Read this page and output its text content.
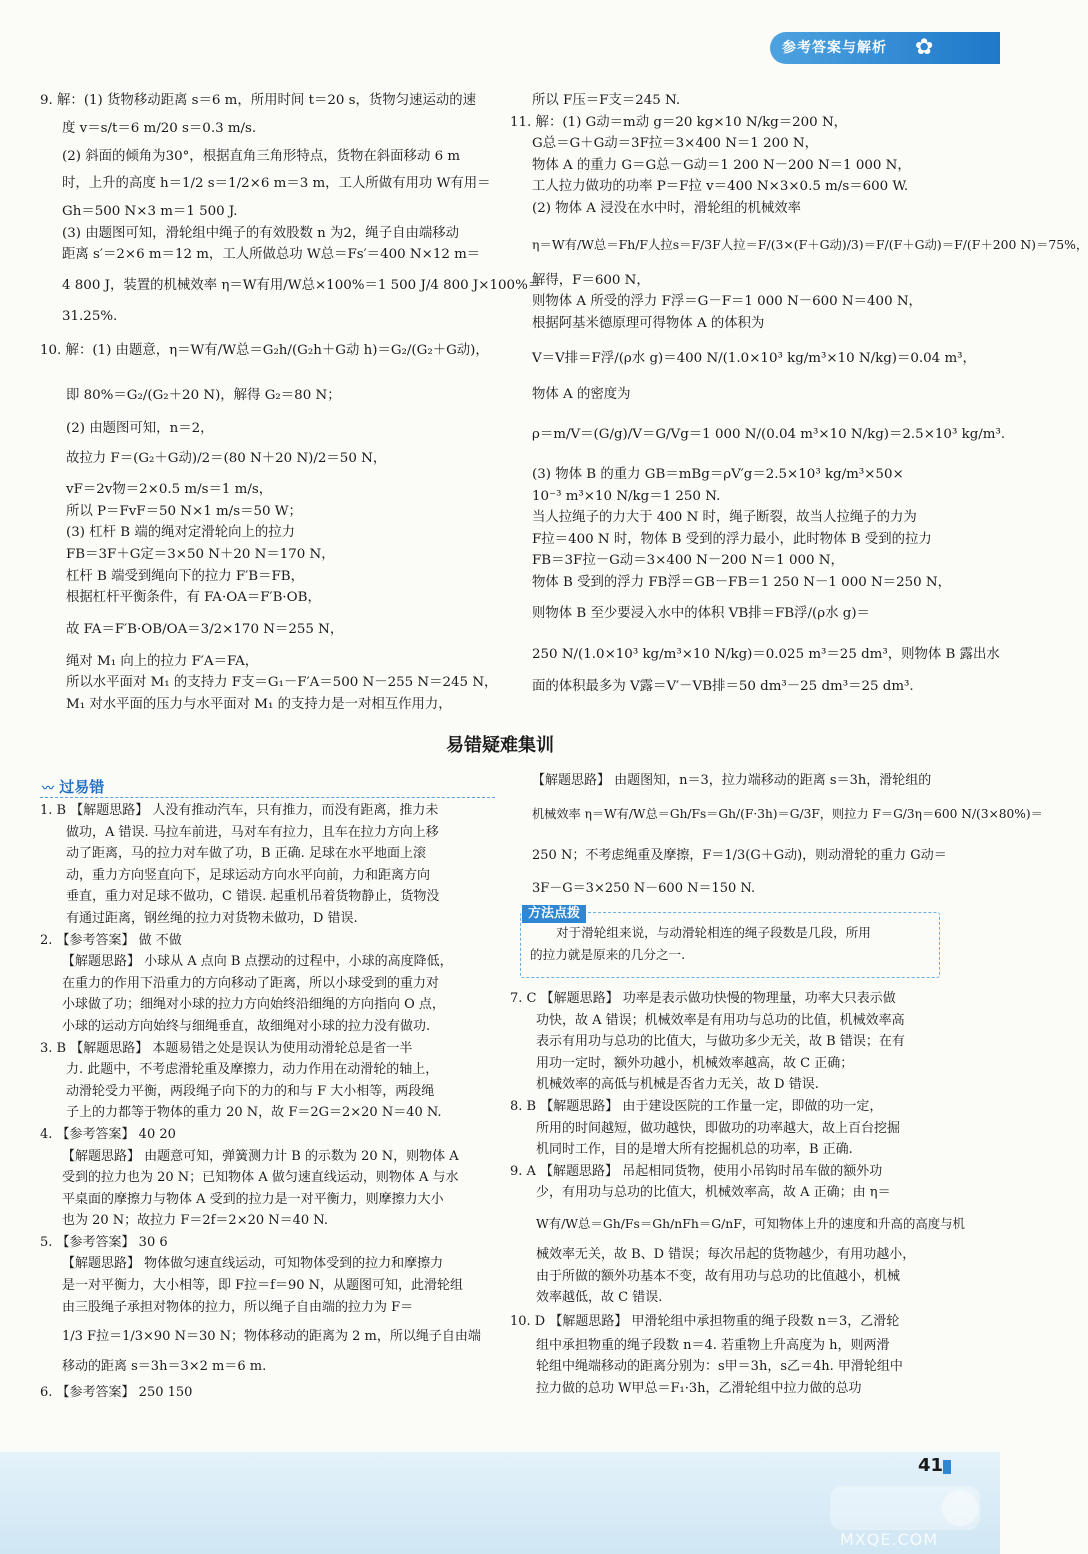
参考答案与解析 ✿
9. 解：(1) 货物移动距离 s＝6 m，所用时间 t＝20 s，货物匀速运动的速
度 v＝s/t＝6 m/20 s＝0.3 m/s.
(2) 斜面的倾角为30°，根据直角三角形特点，货物在斜面移动 6 m
时，上升的高度 h＝1/2 s＝1/2×6 m＝3 m，工人所做有用功 W有用＝
Gh＝500 N×3 m＝1 500 J.
(3) 由题图可知，滑轮组中绳子的有效股数 n 为2，绳子自由端移动
距离 s′＝2×6 m＝12 m，工人所做总功 W总＝Fs′＝400 N×12 m＝
4 800 J，装置的机械效率 η＝W有用/W总×100%＝1 500 J/4 800 J×100%＝
31.25%.
10. 解：(1) 由题意，η＝W有/W总＝G₂h/(G₂h＋G动 h)＝G₂/(G₂＋G动)，
即 80%＝G₂/(G₂＋20 N)，解得 G₂＝80 N；
(2) 由题图可知，n＝2，
故拉力 F＝(G₂＋G动)/2＝(80 N＋20 N)/2＝50 N，
vF＝2v物＝2×0.5 m/s＝1 m/s，
所以 P＝FvF＝50 N×1 m/s＝50 W；
(3) 杠杆 B 端的绳对定滑轮向上的拉力
FB＝3F＋G定＝3×50 N＋20 N＝170 N，
杠杆 B 端受到绳向下的拉力 F′B＝FB，
根据杠杆平衡条件，有 FA·OA＝F′B·OB，
故 FA＝F′B·OB/OA＝3/2×170 N＝255 N，
绳对 M₁ 向上的拉力 F′A＝FA，
所以水平面对 M₁ 的支持力 F支＝G₁－F′A＝500 N－255 N＝245 N，
M₁ 对水平面的压力与水平面对 M₁ 的支持力是一对相互作用力，
所以 F压＝F支＝245 N.
11. 解：(1) G动＝m动 g＝20 kg×10 N/kg＝200 N，
G总＝G＋G动＝3F拉＝3×400 N＝1 200 N，
物体 A 的重力 G＝G总－G动＝1 200 N－200 N＝1 000 N，
工人拉力做功的功率 P＝F拉 v＝400 N×3×0.5 m/s＝600 W.
(2) 物体 A 浸没在水中时，滑轮组的机械效率
η＝W有/W总＝Fh/F人拉s＝F/3F人拉＝F/(3×(F＋G动)/3)＝F/(F＋G动)＝F/(F＋200 N)＝75%，
解得，F＝600 N，
则物体 A 所受的浮力 F浮＝G－F＝1 000 N－600 N＝400 N，
根据阿基米德原理可得物体 A 的体积为
V＝V排＝F浮/(ρ水 g)＝400 N/(1.0×10³ kg/m³×10 N/kg)＝0.04 m³，
物体 A 的密度为
ρ＝m/V＝(G/g)/V＝G/Vg＝1 000 N/(0.04 m³×10 N/kg)＝2.5×10³ kg/m³.
(3) 物体 B 的重力 GB＝mBg＝ρV′g＝2.5×10³ kg/m³×50×
10⁻³ m³×10 N/kg＝1 250 N.
当人拉绳子的力大于 400 N 时，绳子断裂，故当人拉绳子的力为
F拉＝400 N 时，物体 B 受到的浮力最小，此时物体 B 受到的拉力
FB＝3F拉－G动＝3×400 N－200 N＝1 000 N，
物体 B 受到的浮力 FB浮＝GB－FB＝1 250 N－1 000 N＝250 N，
则物体 B 至少要浸入水中的体积 VB排＝FB浮/(ρ水 g)＝
250 N/(1.0×10³ kg/m³×10 N/kg)＝0.025 m³＝25 dm³，则物体 B 露出水
面的体积最多为 V露＝V′－VB排＝50 dm³－25 dm³＝25 dm³.
易错疑难集训
〰 过易错
1. B 【解题思路】 人没有推动汽车，只有推力，而没有距离，推力未
做功，A 错误. 马拉车前进，马对车有拉力，且车在拉力方向上移
动了距离，马的拉力对车做了功，B 正确. 足球在水平地面上滚
动，重力方向竖直向下，足球运动方向水平向前，力和距离方向
垂直，重力对足球不做功，C 错误. 起重机吊着货物静止，货物没
有通过距离，钢丝绳的拉力对货物未做功，D 错误.
2. 【参考答案】 做 不做
【解题思路】 小球从 A 点向 B 点摆动的过程中，小球的高度降低，
在重力的作用下沿重力的方向移动了距离，所以小球受到的重力对
小球做了功；细绳对小球的拉力方向始终沿细绳的方向指向 O 点，
小球的运动方向始终与细绳垂直，故细绳对小球的拉力没有做功.
3. B 【解题思路】 本题易错之处是误认为使用动滑轮总是省一半
力. 此题中，不考虑滑轮重及摩擦力，动力作用在动滑轮的轴上，
动滑轮受力平衡，两段绳子向下的力的和与 F 大小相等，两段绳
子上的力都等于物体的重力 20 N，故 F＝2G＝2×20 N＝40 N.
4. 【参考答案】 40 20
【解题思路】 由题意可知，弹簧测力计 B 的示数为 20 N，则物体 A
受到的拉力也为 20 N；已知物体 A 做匀速直线运动，则物体 A 与水
平桌面的摩擦力与物体 A 受到的拉力是一对平衡力，则摩擦力大小
也为 20 N；故拉力 F＝2f＝2×20 N＝40 N.
5. 【参考答案】 30 6
【解题思路】 物体做匀速直线运动，可知物体受到的拉力和摩擦力
是一对平衡力，大小相等，即 F拉＝f＝90 N，从题图可知，此滑轮组
由三股绳子承担对物体的拉力，所以绳子自由端的拉力为 F＝
1/3 F拉＝1/3×90 N＝30 N；物体移动的距离为 2 m，所以绳子自由端
移动的距离 s＝3h＝3×2 m＝6 m.
6. 【参考答案】 250 150
【解题思路】 由题图知，n＝3，拉力端移动的距离 s＝3h，滑轮组的
机械效率 η＝W有/W总＝Gh/Fs＝Gh/(F·3h)＝G/3F，则拉力 F＝G/3η＝600 N/(3×80%)＝
250 N；不考虑绳重及摩擦，F＝1/3(G＋G动)，则动滑轮的重力 G动＝
3F－G＝3×250 N－600 N＝150 N.
方法点拨
对于滑轮组来说，与动滑轮相连的绳子段数是几段，所用
的拉力就是原来的几分之一.
7. C 【解题思路】 功率是表示做功快慢的物理量，功率大只表示做
功快，故 A 错误；机械效率是有用功与总功的比值，机械效率高
表示有用功与总功的比值大，与做功多少无关，故 B 错误；在有
用功一定时，额外功越小，机械效率越高，故 C 正确；
机械效率的高低与机械是否省力无关，故 D 错误.
8. B 【解题思路】 由于建设医院的工作量一定，即做的功一定，
所用的时间越短，做功越快，即做功的功率越大，故上百台挖掘
机同时工作，目的是增大所有挖掘机总的功率，B 正确.
9. A 【解题思路】 吊起相同货物，使用小吊钩时吊车做的额外功
少，有用功与总功的比值大，机械效率高，故 A 正确；由 η＝
W有/W总＝Gh/Fs＝Gh/nFh＝G/nF，可知物体上升的速度和升高的高度与机
械效率无关，故 B、D 错误；每次吊起的货物越少，有用功越小，
由于所做的额外功基本不变，故有用功与总功的比值越小，机械
效率越低，故 C 错误.
10. D 【解题思路】 甲滑轮组中承担物重的绳子段数 n＝3，乙滑轮
组中承担物重的绳子段数 n＝4. 若重物上升高度为 h，则两滑
轮组中绳端移动的距离分别为：s甲＝3h，s乙＝4h. 甲滑轮组中
拉力做的总功 W甲总＝F₁·3h，乙滑轮组中拉力做的总功
41
MXQE.COM
